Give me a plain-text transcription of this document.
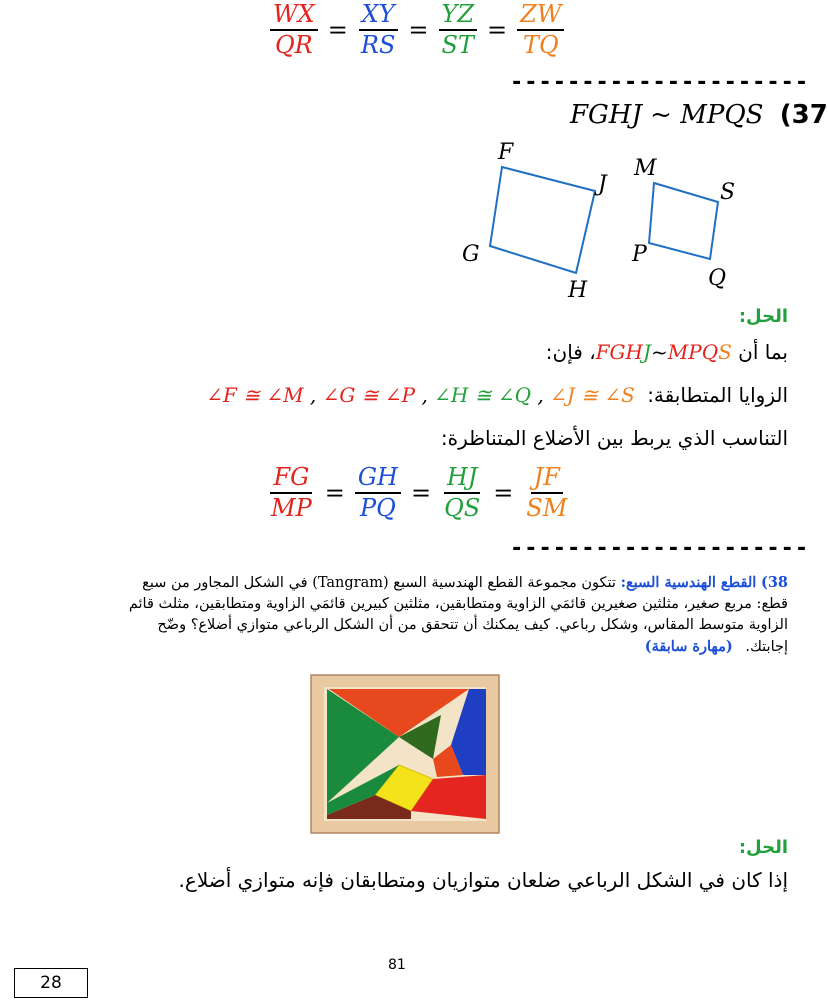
$\frac{WX}{QR} = \frac{XY}{RS} = \frac{YZ}{ST} = \frac{ZW}{TQ}$
---------------------
FGHJ ~ MPQS (37
F
J
G
H
M
S
P
Q
الحل:
بما أن FGHJ~MPQS، فإن:
الزوايا المتطابقة: ∠F ≅ ∠M , ∠G ≅ ∠P , ∠H ≅ ∠Q , ∠J ≅ ∠S
التناسب الذي يربط بين الأضلاع المتناظرة:
$\frac{FG}{MP} = \frac{GH}{PQ} = \frac{HJ}{QS} = \frac{JF}{SM}$
---------------------
38) القطع الهندسية السبع: تتكون مجموعة القطع الهندسية السبع (Tangram) في الشكل المجاور من سبع
قطع: مربع صغير، مثلثين صغيرين قائمَي الزاوية ومتطابقين، مثلثين كبيرين قائمَي الزاوية ومتطابقين، مثلث قائم
الزاوية متوسط المقاس، وشكل رباعي. كيف يمكنك أن تتحقق من أن الشكل الرباعي متوازي أضلاع؟ وضّح
إجابتك. (مهارة سابقة)
الحل:
إذا كان في الشكل الرباعي ضلعان متوازيان ومتطابقان فإنه متوازي أضلاع.
81
28
